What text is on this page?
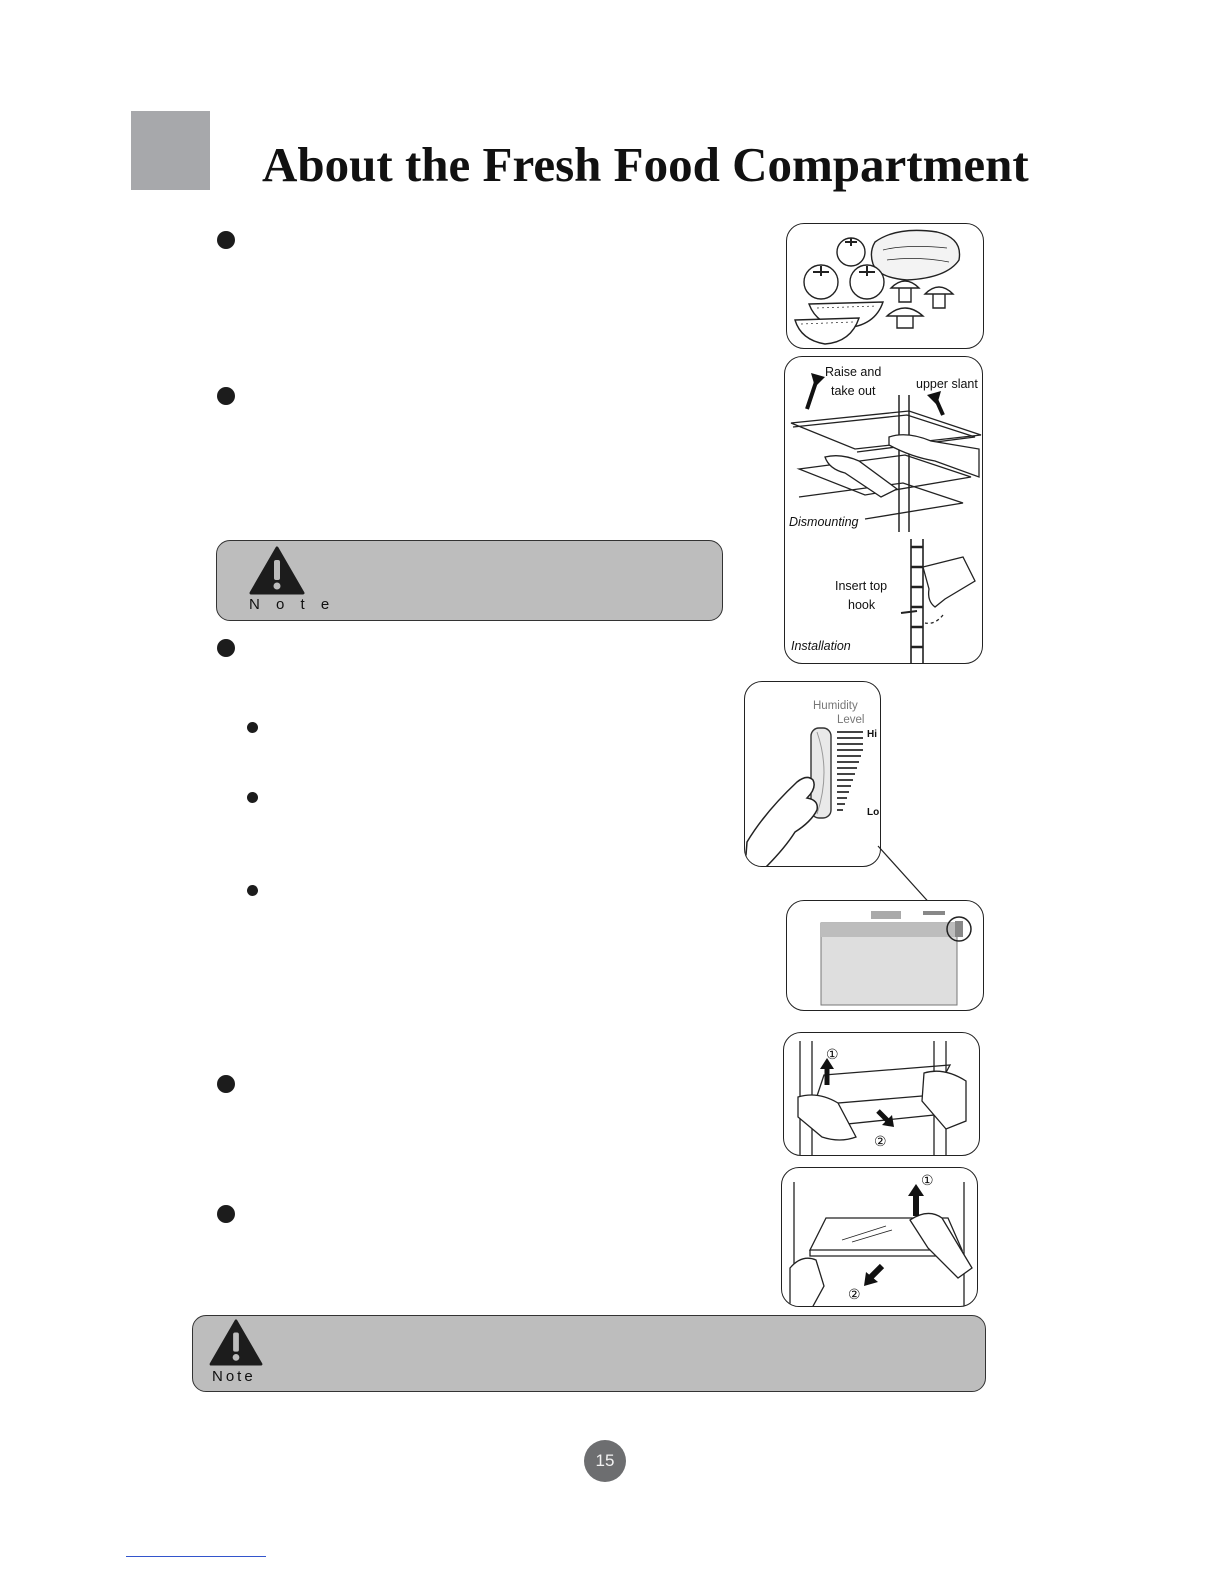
About the Fresh Food Compartment
N o t e
Note
Raise and
take out	upper slant
Dismounting
Insert top
hook
Installation
Humidity
Level
Hi
Lo
①
②
①
②
15
